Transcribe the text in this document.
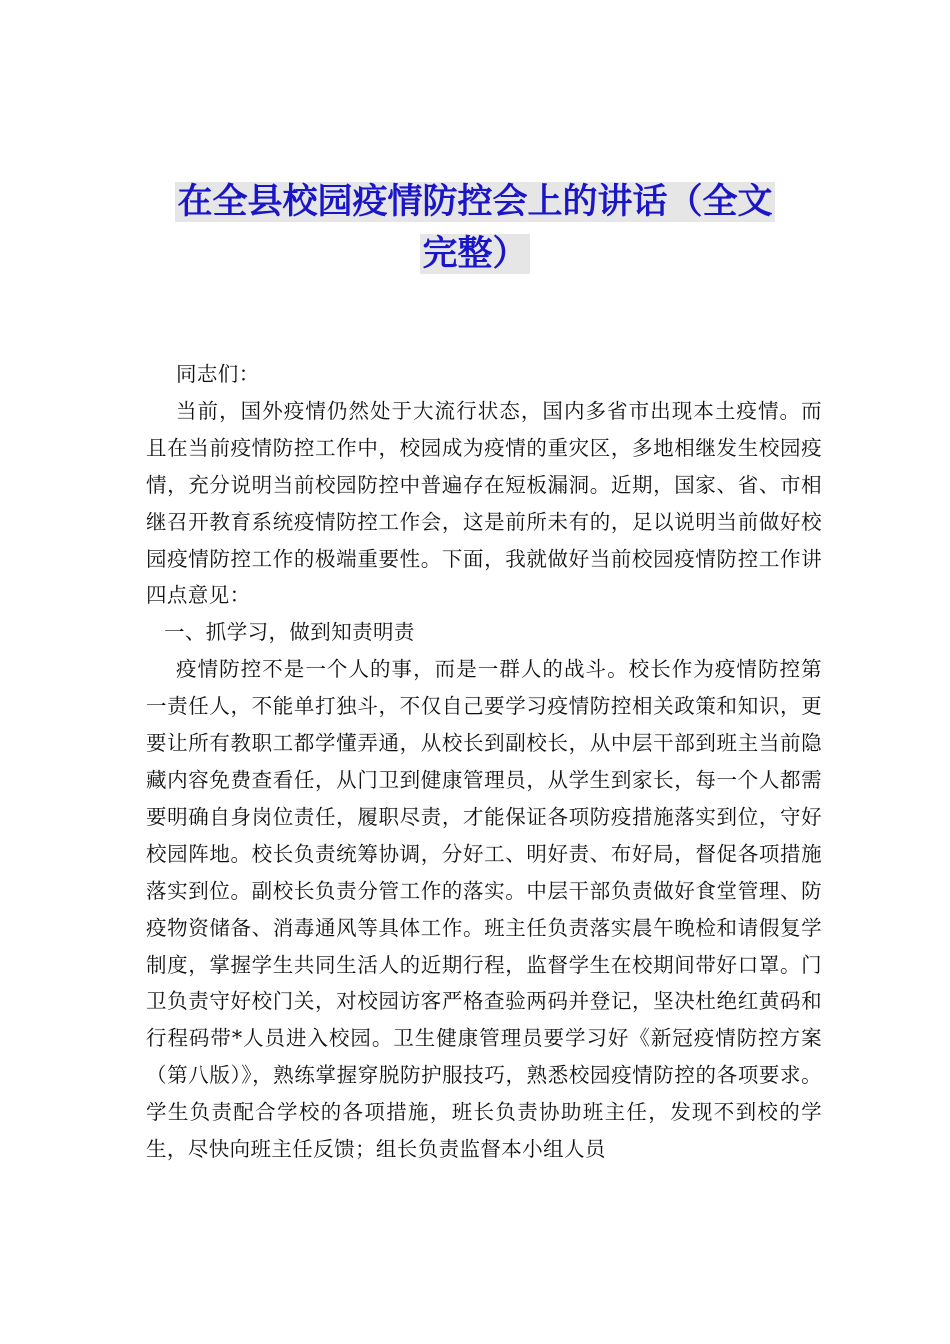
在全县校园疫情防控会上的讲话（全文
完整）

同志们：

当前，国外疫情仍然处于大流行状态，国内多省市出现本土疫情。而且在当前疫情防控工作中，校园成为疫情的重灾区，多地相继发生校园疫情，充分说明当前校园防控中普遍存在短板漏洞。近期，国家、省、市相继召开教育系统疫情防控工作会，这是前所未有的，足以说明当前做好校园疫情防控工作的极端重要性。下面，我就做好当前校园疫情防控工作讲四点意见：

一、抓学习，做到知责明责

疫情防控不是一个人的事，而是一群人的战斗。校长作为疫情防控第一责任人，不能单打独斗，不仅自己要学习疫情防控相关政策和知识，更要让所有教职工都学懂弄通，从校长到副校长，从中层干部到班主当前隐藏内容免费查看任，从门卫到健康管理员，从学生到家长，每一个人都需要明确自身岗位责任，履职尽责，才能保证各项防疫措施落实到位，守好校园阵地。校长负责统筹协调，分好工、明好责、布好局，督促各项措施落实到位。副校长负责分管工作的落实。中层干部负责做好食堂管理、防疫物资储备、消毒通风等具体工作。班主任负责落实晨午晚检和请假复学制度，掌握学生共同生活人的近期行程，监督学生在校期间带好口罩。门卫负责守好校门关，对校园访客严格查验两码并登记，坚决杜绝红黄码和行程码带*人员进入校园。卫生健康管理员要学习好《新冠疫情防控方案（第八版）》，熟练掌握穿脱防护服技巧，熟悉校园疫情防控的各项要求。学生负责配合学校的各项措施，班长负责协助班主任，发现不到校的学生，尽快向班主任反馈；组长负责监督本小组人员
